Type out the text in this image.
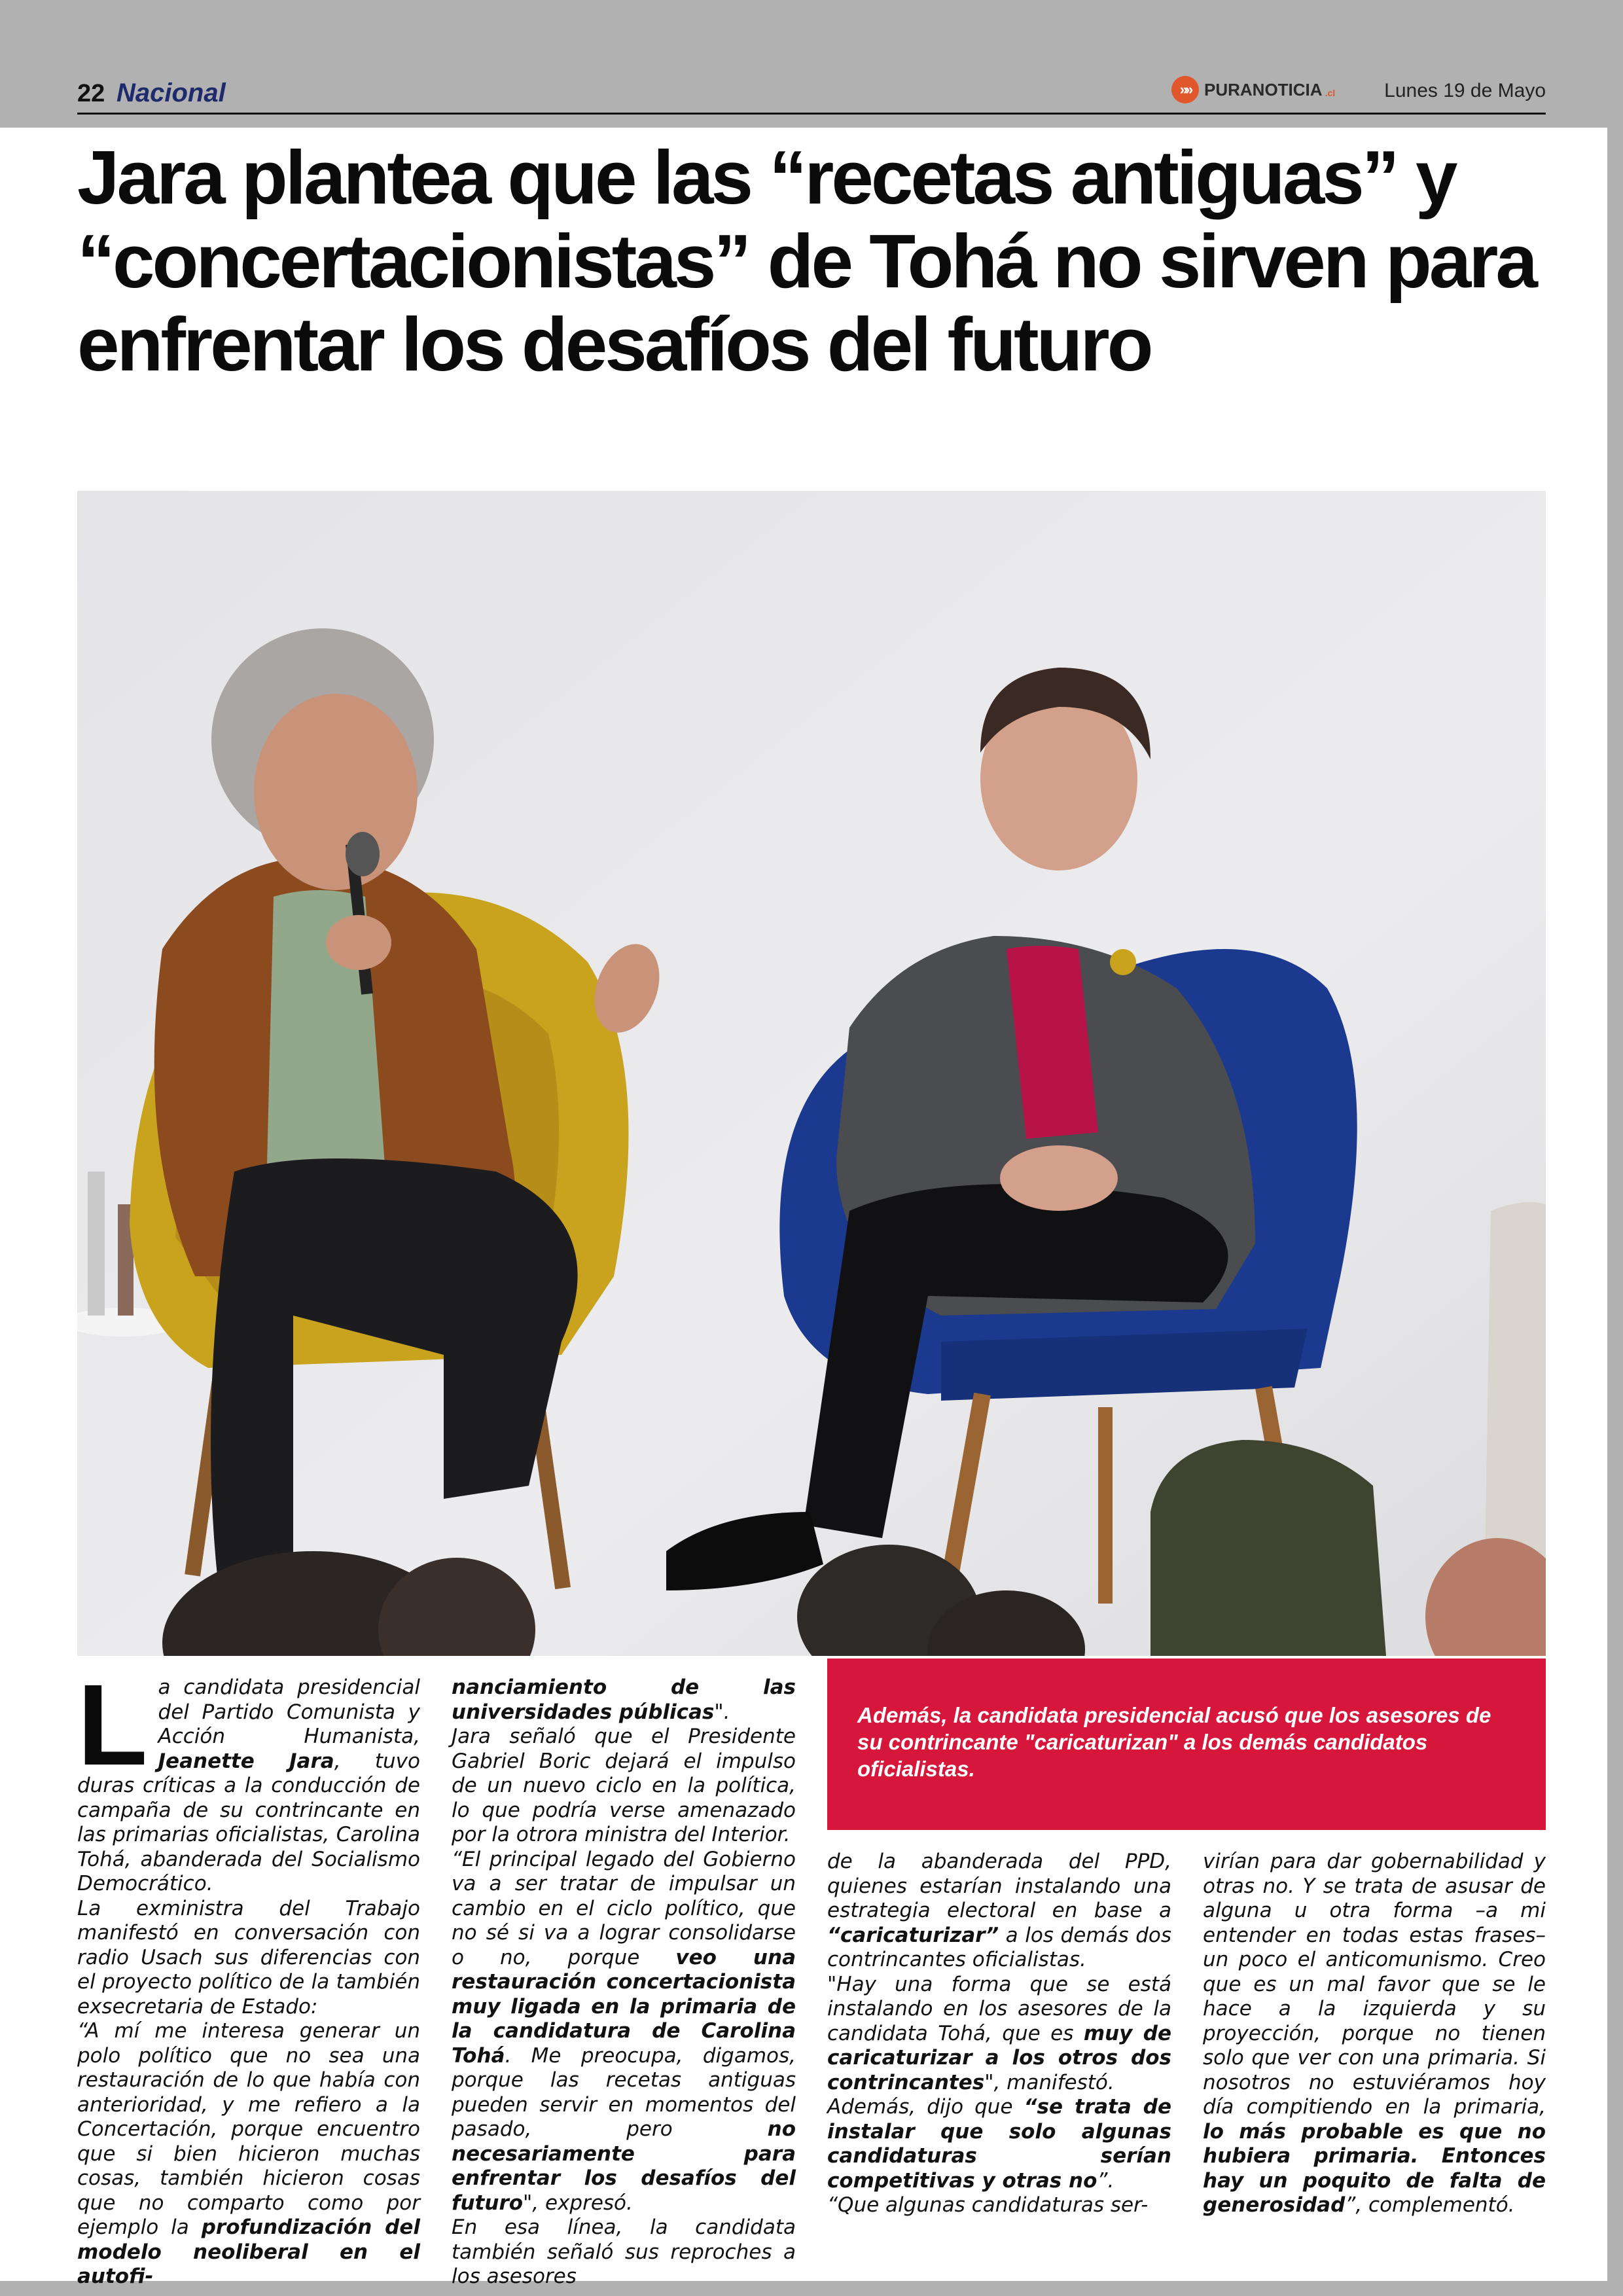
22 Nacional	»» PURANOTICIA .cl	Lunes 19 de Mayo
Jara plantea que las “recetas antiguas” y “concertacionistas” de Tohá no sirven para enfrentar los desafíos del futuro
L a candidata presidencial del Partido Comunista y Acción Humanista, Jeanette Jara, tuvo duras críticas a la conducción de campaña de su contrincante en las primarias oficialistas, Carolina Tohá, abanderada del Socialismo Democrático.

La exministra del Trabajo manifestó en conversación con radio Usach sus diferencias con el proyecto político de la también exsecretaria de Estado:

“A mí me interesa generar un polo político que no sea una restauración de lo que había con anterioridad, y me refiero a la Concertación, porque encuentro que si bien hicieron muchas cosas, también hicieron cosas que no comparto como por ejemplo la profundización del modelo neoliberal en el autofi-

nanciamiento de las universidades públicas".

Jara señaló que el Presidente Gabriel Boric dejará el impulso de un nuevo ciclo en la política, lo que podría verse amenazado por la otrora ministra del Interior.

“El principal legado del Gobierno va a ser tratar de impulsar un cambio en el ciclo político, que no sé si va a lograr consolidarse o no, porque veo una restauración concertacionista muy ligada en la primaria de la candidatura de Carolina Tohá. Me preocupa, digamos, porque las recetas antiguas pueden servir en momentos del pasado, pero no necesariamente para enfrentar los desafíos del futuro", expresó.

En esa línea, la candidata también señaló sus reproches a los asesores

Además, la candidata presidencial acusó que los asesores de su contrincante "caricaturizan" a los demás candidatos oficialistas.

de la abanderada del PPD, quienes estarían instalando una estrategia electoral en base a “caricaturizar” a los demás dos contrincantes oficialistas.

"Hay una forma que se está instalando en los asesores de la candidata Tohá, que es muy de caricaturizar a los otros dos contrincantes", manifestó.

Además, dijo que “se trata de instalar que solo algunas candidaturas serían competitivas y otras no”.

“Que algunas candidaturas ser-

virían para dar gobernabilidad y otras no. Y se trata de asusar de alguna u otra forma –a mi entender en todas estas frases– un poco el anticomunismo. Creo que es un mal favor que se le hace a la izquierda y su proyección, porque no tienen solo que ver con una primaria. Si nosotros no estuviéramos hoy día compitiendo en la primaria, lo más probable es que no hubiera primaria. Entonces hay un poquito de falta de generosidad”, complementó.
